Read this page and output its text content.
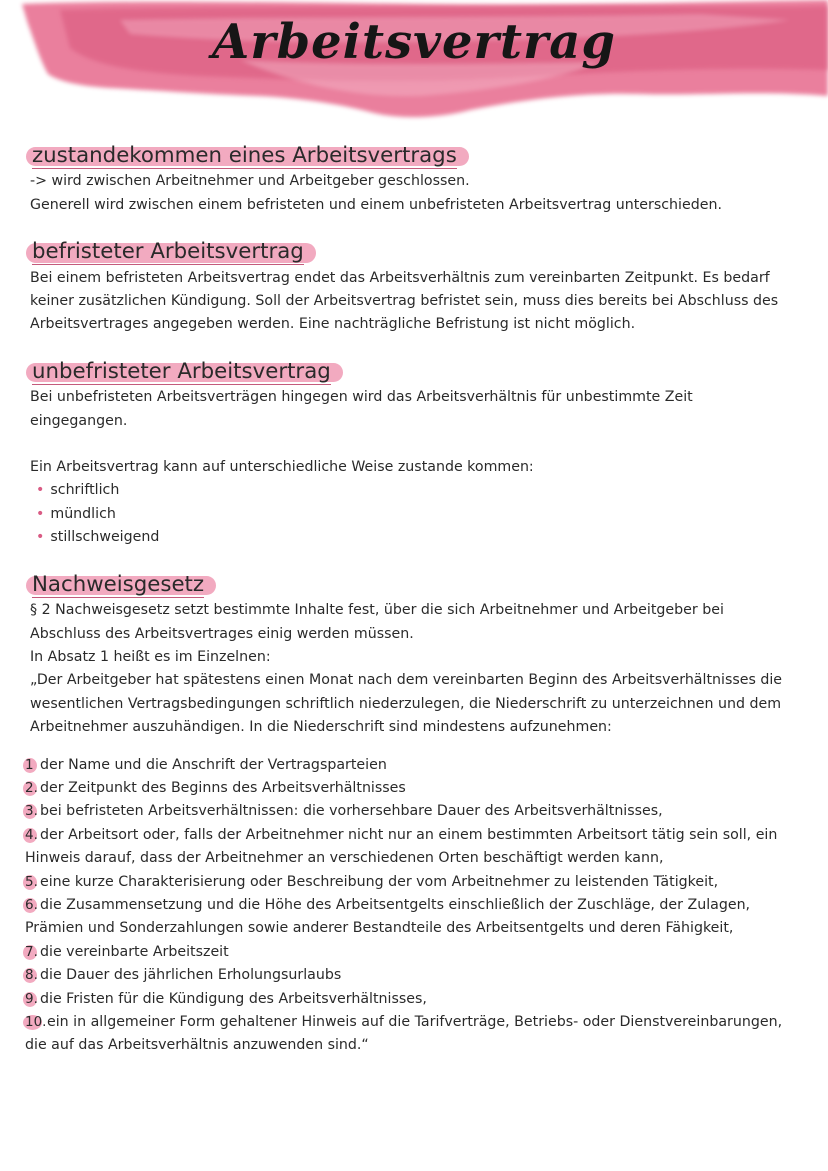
Arbeitsvertrag
zustandekommen eines Arbeitsvertrags

-> wird zwischen Arbeitnehmer und Arbeitgeber geschlossen.

Generell wird zwischen einem befristeten und einem unbefristeten Arbeitsvertrag unterschieden.

befristeter Arbeitsvertrag

Bei einem befristeten Arbeitsvertrag endet das Arbeitsverhältnis zum vereinbarten Zeitpunkt. Es bedarf

keiner zusätzlichen Kündigung. Soll der Arbeitsvertrag befristet sein, muss dies bereits bei Abschluss des

Arbeitsvertrages angegeben werden. Eine nachträgliche Befristung ist nicht möglich.

unbefristeter Arbeitsvertrag

Bei unbefristeten Arbeitsverträgen hingegen wird das Arbeitsverhältnis für unbestimmte Zeit eingegangen.

Ein Arbeitsvertrag kann auf unterschiedliche Weise zustande kommen:

• schriftlich
• mündlich
• stillschweigend
Nachweisgesetz

§ 2 Nachweisgesetz setzt bestimmte Inhalte fest, über die sich Arbeitnehmer und Arbeitgeber bei

Abschluss des Arbeitsvertrages einig werden müssen.

In Absatz 1 heißt es im Einzelnen:

„Der Arbeitgeber hat spätestens einen Monat nach dem vereinbarten Beginn des Arbeitsverhältnisses die

wesentlichen Vertragsbedingungen schriftlich niederzulegen, die Niederschrift zu unterzeichnen und dem

Arbeitnehmer auszuhändigen. In die Niederschrift sind mindestens aufzunehmen:

1 der Name und die Anschrift der Vertragsparteien
2. der Zeitpunkt des Beginns des Arbeitsverhältnisses
3. bei befristeten Arbeitsverhältnissen: die vorhersehbare Dauer des Arbeitsverhältnisses,
4. der Arbeitsort oder, falls der Arbeitnehmer nicht nur an einem bestimmten Arbeitsort tätig sein soll, ein
Hinweis darauf, dass der Arbeitnehmer an verschiedenen Orten beschäftigt werden kann,
5. eine kurze Charakterisierung oder Beschreibung der vom Arbeitnehmer zu leistenden Tätigkeit,
6. die Zusammensetzung und die Höhe des Arbeitsentgelts einschließlich der Zuschläge, der Zulagen,
Prämien und Sonderzahlungen sowie anderer Bestandteile des Arbeitsentgelts und deren Fähigkeit,
7. die vereinbarte Arbeitszeit
8. die Dauer des jährlichen Erholungsurlaubs
9. die Fristen für die Kündigung des Arbeitsverhältnisses,
10. ein in allgemeiner Form gehaltener Hinweis auf die Tarifverträge, Betriebs- oder Dienstvereinbarungen,
die auf das Arbeitsverhältnis anzuwenden sind.“
